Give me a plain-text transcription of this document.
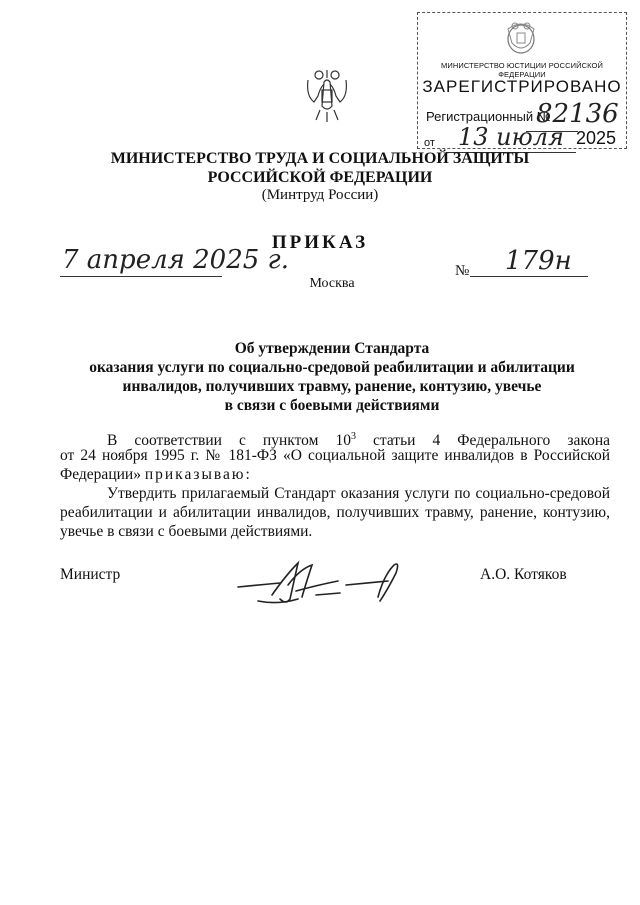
МИНИСТЕРСТВО ЮСТИЦИИ РОССИЙСКОЙ ФЕДЕРАЦИИ
ЗАРЕГИСТРИРОВАНО
Регистрационный №
82136
от 13 июля 2025
МИНИСТЕРСТВО ТРУДА И СОЦИАЛЬНОЙ ЗАЩИТЫ
РОССИЙСКОЙ ФЕДЕРАЦИИ
(Минтруд России)
ПРИКАЗ
7 апреля 2025 г.	№ 179н
Москва
Об утверждении Стандарта
оказания услуги по социально-средовой реабилитации и абилитации
инвалидов, получивших травму, ранение, контузию, увечье
в связи с боевыми действиями
В соответствии с пунктом $10^3$ статьи 4 Федерального закона
от 24 ноября 1995 г. № 181-ФЗ «О социальной защите инвалидов в Российской
Федерации» приказываю:
Утвердить прилагаемый Стандарт оказания услуги по социально-средовой
реабилитации и абилитации инвалидов, получивших травму, ранение, контузию,
увечье в связи с боевыми действиями.
Министр	А.О. Котяков
